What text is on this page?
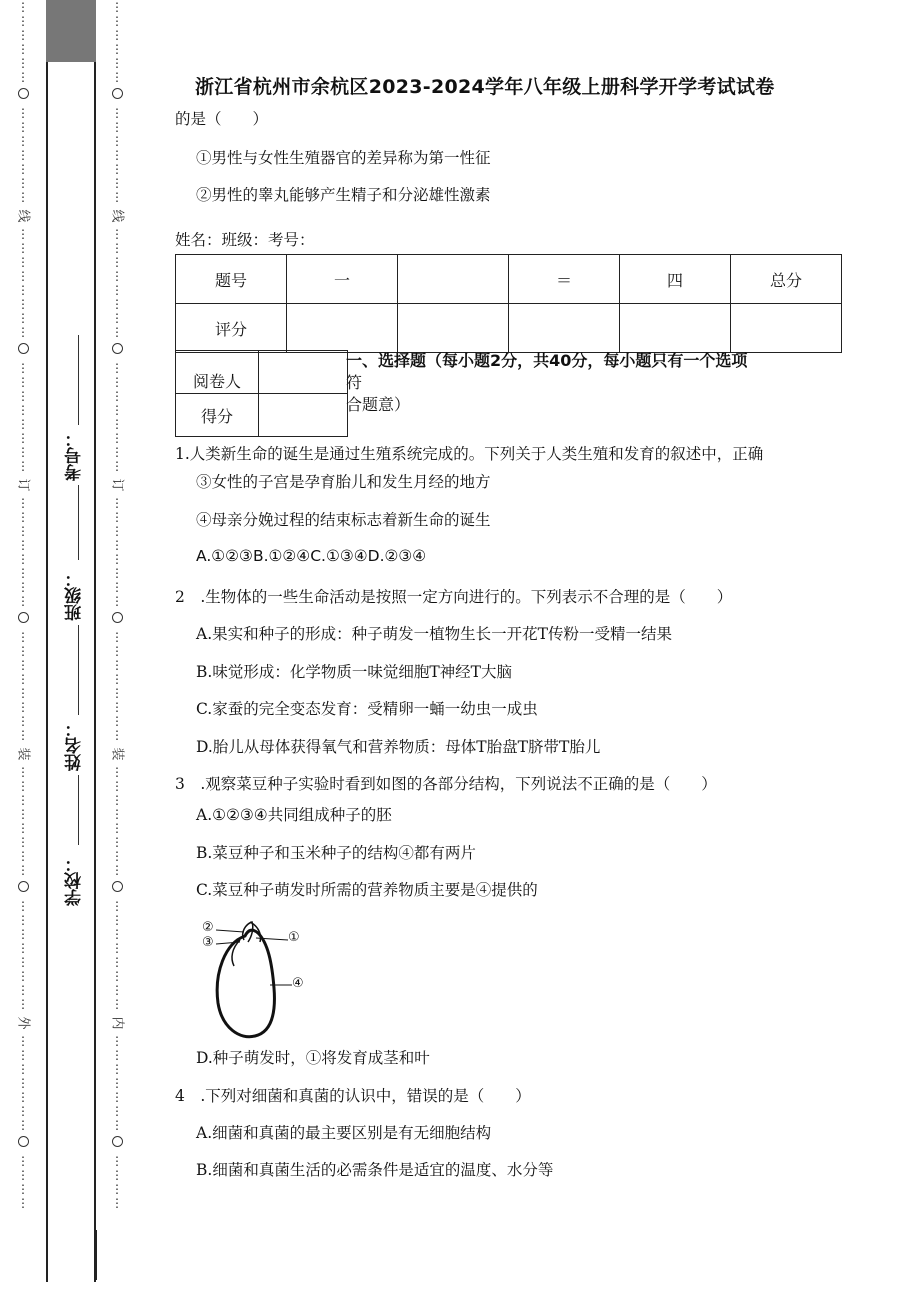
⋮
⋮
⋮
⋮
⋮
⋮
⋮
⋮
⋮
⋮
⋮
⋮
⋮
线
⋮
⋮
⋮
⋮
⋮
⋮
⋮
⋮
⋮
⋮
⋮
⋮
⋮
⋮
⋮
⋮
订
⋮
⋮
⋮
⋮
⋮
⋮
⋮
⋮
⋮
⋮
⋮
⋮
⋮
⋮
⋮
⋮
装
⋮
⋮
⋮
⋮
⋮
⋮
⋮
⋮
⋮
⋮
⋮
⋮
⋮
⋮
⋮
⋮
外
⋮
⋮
⋮
⋮
⋮
⋮
⋮
⋮
⋮
⋮
⋮
考号：
班级：
姓名：
学校：
⋮
⋮
⋮
⋮
⋮
⋮
⋮
⋮
⋮
⋮
⋮
⋮
⋮
线
⋮
⋮
⋮
⋮
⋮
⋮
⋮
⋮
⋮
⋮
⋮
⋮
⋮
⋮
⋮
⋮
订
⋮
⋮
⋮
⋮
⋮
⋮
⋮
⋮
⋮
⋮
⋮
⋮
⋮
⋮
⋮
⋮
装
⋮
⋮
⋮
⋮
⋮
⋮
⋮
⋮
⋮
⋮
⋮
⋮
⋮
⋮
⋮
⋮
内
⋮
⋮
⋮
⋮
⋮
⋮
⋮
⋮
⋮
⋮
⋮
浙江省杭州市余杭区2023-2024学年八年级上册科学开学考试试卷
的是（　　）
①男性与女性生殖器官的差异称为第一性征
②男性的睾丸能够产生精子和分泌雄性激素
姓名：班级：考号：
题号	一		＝	四	总分
评分					
阅卷人	
得分	
一、选择题（每小题2分，共40分，每小题只有一个选项
符
合题意）
1.人类新生命的诞生是通过生殖系统完成的。下列关于人类生殖和发育的叙述中，正确
③女性的子宫是孕育胎儿和发生月经的地方
④母亲分娩过程的结束标志着新生命的诞生
A.①②③B.①②④C.①③④D.②③④
2　.生物体的一些生命活动是按照一定方向进行的。下列表示不合理的是（　　）
A.果实和种子的形成：种子萌发一植物生长一开花T传粉一受精一结果
B.味觉形成：化学物质一味觉细胞T神经T大脑
C.家蚕的完全变态发育：受精卵一蛹一幼虫一成虫
D.胎儿从母体获得氧气和营养物质：母体T胎盘T脐带T胎儿
3　.观察菜豆种子实验时看到如图的各部分结构，下列说法不正确的是（　　）
A.①②③④共同组成种子的胚
B.菜豆种子和玉米种子的结构④都有两片
C.菜豆种子萌发时所需的营养物质主要是④提供的
②
③	①
④
D.种子萌发时，①将发育成茎和叶
4　.下列对细菌和真菌的认识中，错误的是（　　）
A.细菌和真菌的最主要区别是有无细胞结构
B.细菌和真菌生活的必需条件是适宜的温度、水分等
